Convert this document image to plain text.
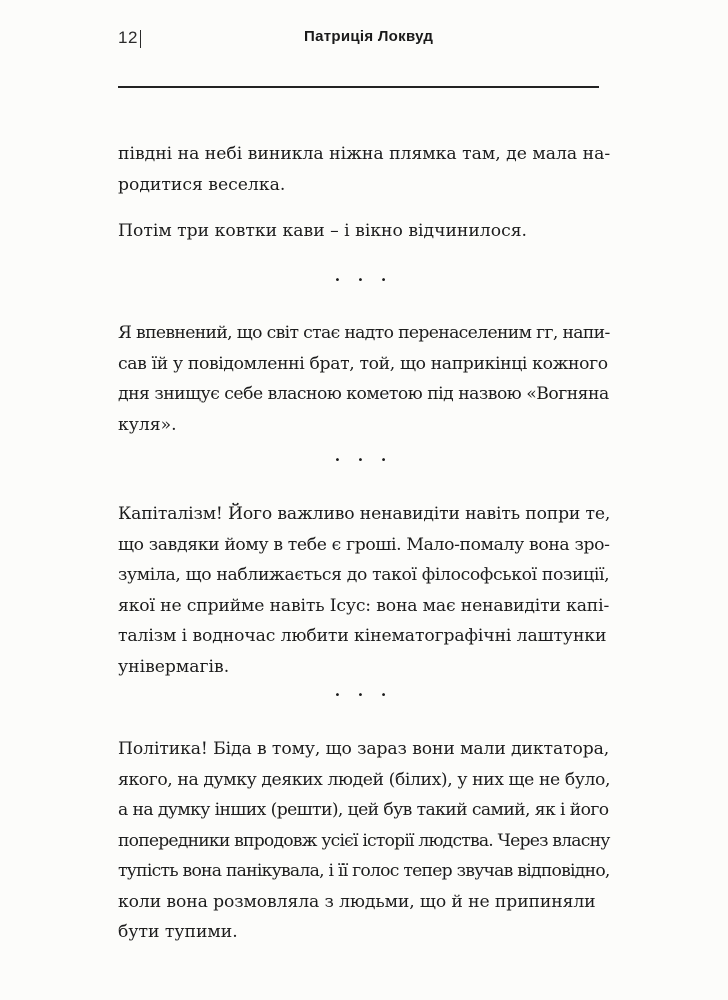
12	Патриція Локвуд

півдні на небі виникла ніжна плямка там, де мала на-
родитися веселка.

Потім три ковтки кави – і вікно відчинилося.

• • •

Я впевнений, що світ стає надто перенаселеним гг, напи-
сав їй у повідомленні брат, той, що наприкінці кожного
дня знищує себе власною кометою під назвою «Вогняна
куля».

• • •

Капіталізм! Його важливо ненавидіти навіть попри те,
що завдяки йому в тебе є гроші. Мало-помалу вона зро-
зуміла, що наближається до такої філософської позиції,
якої не сприйме навіть Ісус: вона має ненавидіти капі-
талізм і водночас любити кінематографічні лаштунки
універмагів.

• • •

Політика! Біда в тому, що зараз вони мали диктатора,
якого, на думку деяких людей (білих), у них ще не було,
а на думку інших (решти), цей був такий самий, як і його
попередники впродовж усієї історії людства. Через власну
тупість вона панікувала, і її голос тепер звучав відповідно,
коли вона розмовляла з людьми, що й не припиняли
бути тупими.
